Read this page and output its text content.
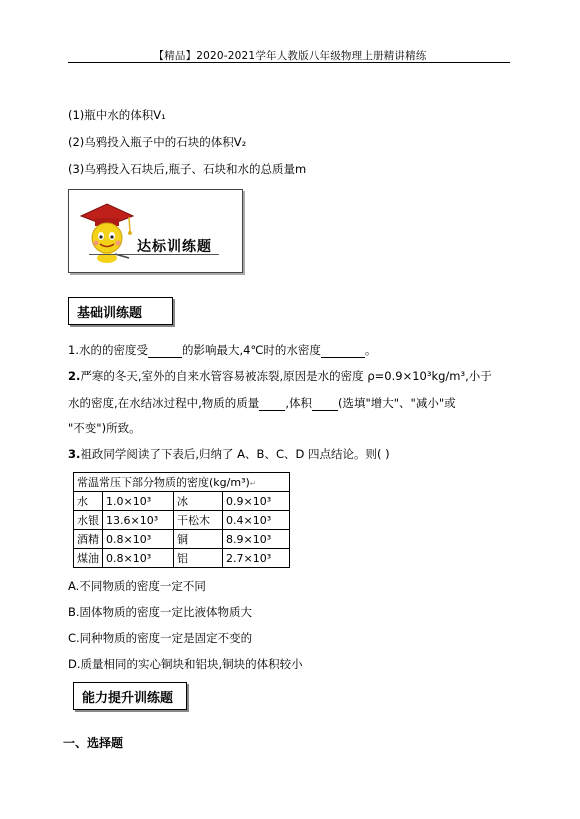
【精品】2020-2021学年人教版八年级物理上册精讲精练
(1)瓶中水的体积V₁
(2)乌鸦投入瓶子中的石块的体积V₂
(3)乌鸦投入石块后,瓶子、石块和水的总质量m
达标训练题
基础训练题
1.水的的密度受	的影响最大,4℃时的水密度	。
2.严寒的冬天,室外的自来水管容易被冻裂,原因是水的密度 ρ=0.9×10³kg/m³,小于
水的密度,在水结冰过程中,物质的质量 ,体积 (选填"增大"、"减小"或
"不变")所致。
3.祖政同学阅读了下表后,归纳了 A、B、C、D 四点结论。则( )
常温常压下部分物质的密度(kg/m³)↵			
水	1.0×10³	冰	0.9×10³
水银	13.6×10³	干松木	0.4×10³
酒精	0.8×10³	铜	8.9×10³
煤油	0.8×10³	铝	2.7×10³
A.不同物质的密度一定不同
B.固体物质的密度一定比液体物质大
C.同种物质的密度一定是固定不变的
D.质量相同的实心铜块和铝块,铜块的体积较小
能力提升训练题
一、选择题
